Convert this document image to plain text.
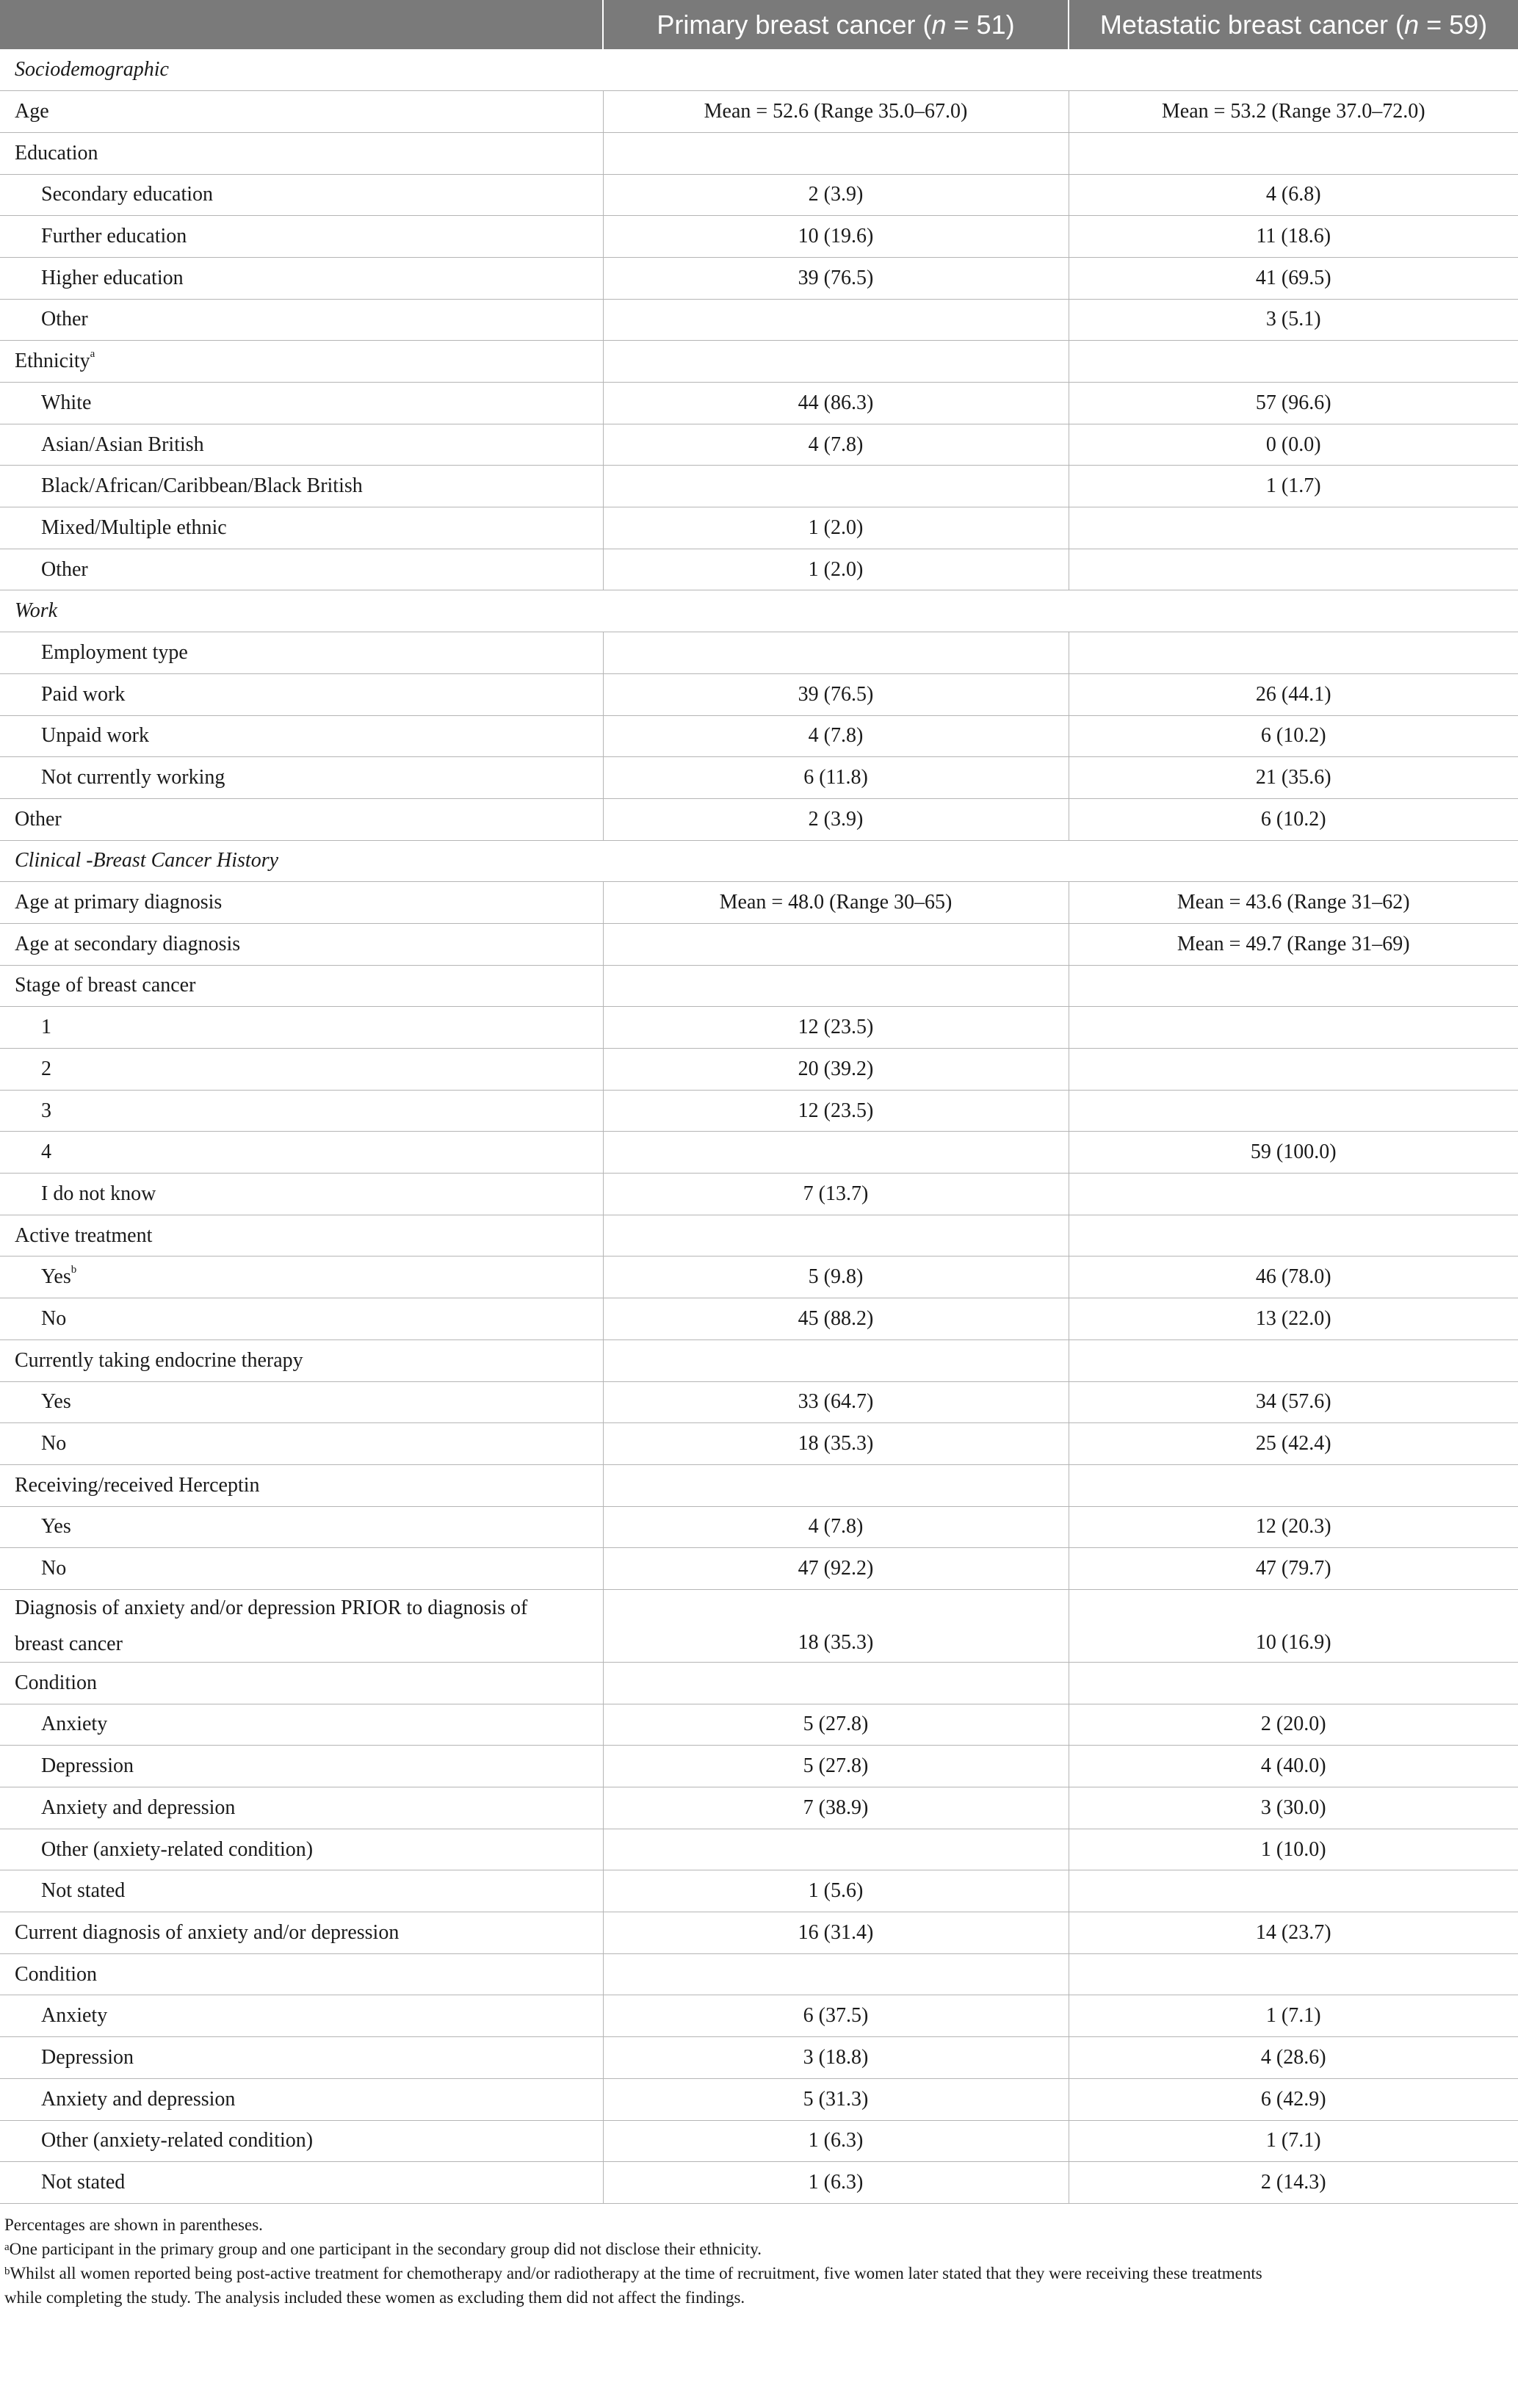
	Primary breast cancer (n = 51)	Metastatic breast cancer (n = 59)
Sociodemographic		
Age	Mean = 52.6 (Range 35.0–67.0)	Mean = 53.2 (Range 37.0–72.0)
Education		
Secondary education	2 (3.9)	4 (6.8)
Further education	10 (19.6)	11 (18.6)
Higher education	39 (76.5)	41 (69.5)
Other		3 (5.1)
Ethnicity$^a$		
White	44 (86.3)	57 (96.6)
Asian/Asian British	4 (7.8)	0 (0.0)
Black/African/Caribbean/Black British		1 (1.7)
Mixed/Multiple ethnic	1 (2.0)	
Other	1 (2.0)	
Work		
Employment type		
Paid work	39 (76.5)	26 (44.1)
Unpaid work	4 (7.8)	6 (10.2)
Not currently working	6 (11.8)	21 (35.6)
Other	2 (3.9)	6 (10.2)
Clinical -Breast Cancer History		
Age at primary diagnosis	Mean = 48.0 (Range 30–65)	Mean = 43.6 (Range 31–62)
Age at secondary diagnosis		Mean = 49.7 (Range 31–69)
Stage of breast cancer		
1	12 (23.5)	
2	20 (39.2)	
3	12 (23.5)	
4		59 (100.0)
I do not know	7 (13.7)	
Active treatment		
Yes$^b$	5 (9.8)	46 (78.0)
No	45 (88.2)	13 (22.0)
Currently taking endocrine therapy		
Yes	33 (64.7)	34 (57.6)
No	18 (35.3)	25 (42.4)
Receiving/received Herceptin		
Yes	4 (7.8)	12 (20.3)
No	47 (92.2)	47 (79.7)
Diagnosis of anxiety and/or depression PRIOR to diagnosis of
breast cancer	18 (35.3)	10 (16.9)
Condition		
Anxiety	5 (27.8)	2 (20.0)
Depression	5 (27.8)	4 (40.0)
Anxiety and depression	7 (38.9)	3 (30.0)
Other (anxiety-related condition)		1 (10.0)
Not stated	1 (5.6)	
Current diagnosis of anxiety and/or depression	16 (31.4)	14 (23.7)
Condition		
Anxiety	6 (37.5)	1 (7.1)
Depression	3 (18.8)	4 (28.6)
Anxiety and depression	5 (31.3)	6 (42.9)
Other (anxiety-related condition)	1 (6.3)	1 (7.1)
Not stated	1 (6.3)	2 (14.3)
Percentages are shown in parentheses.
$^a$One participant in the primary group and one participant in the secondary group did not disclose their ethnicity.
$^b$Whilst all women reported being post-active treatment for chemotherapy and/or radiotherapy at the time of recruitment, five women later stated that they were receiving these treatments
while completing the study. The analysis included these women as excluding them did not affect the findings.
